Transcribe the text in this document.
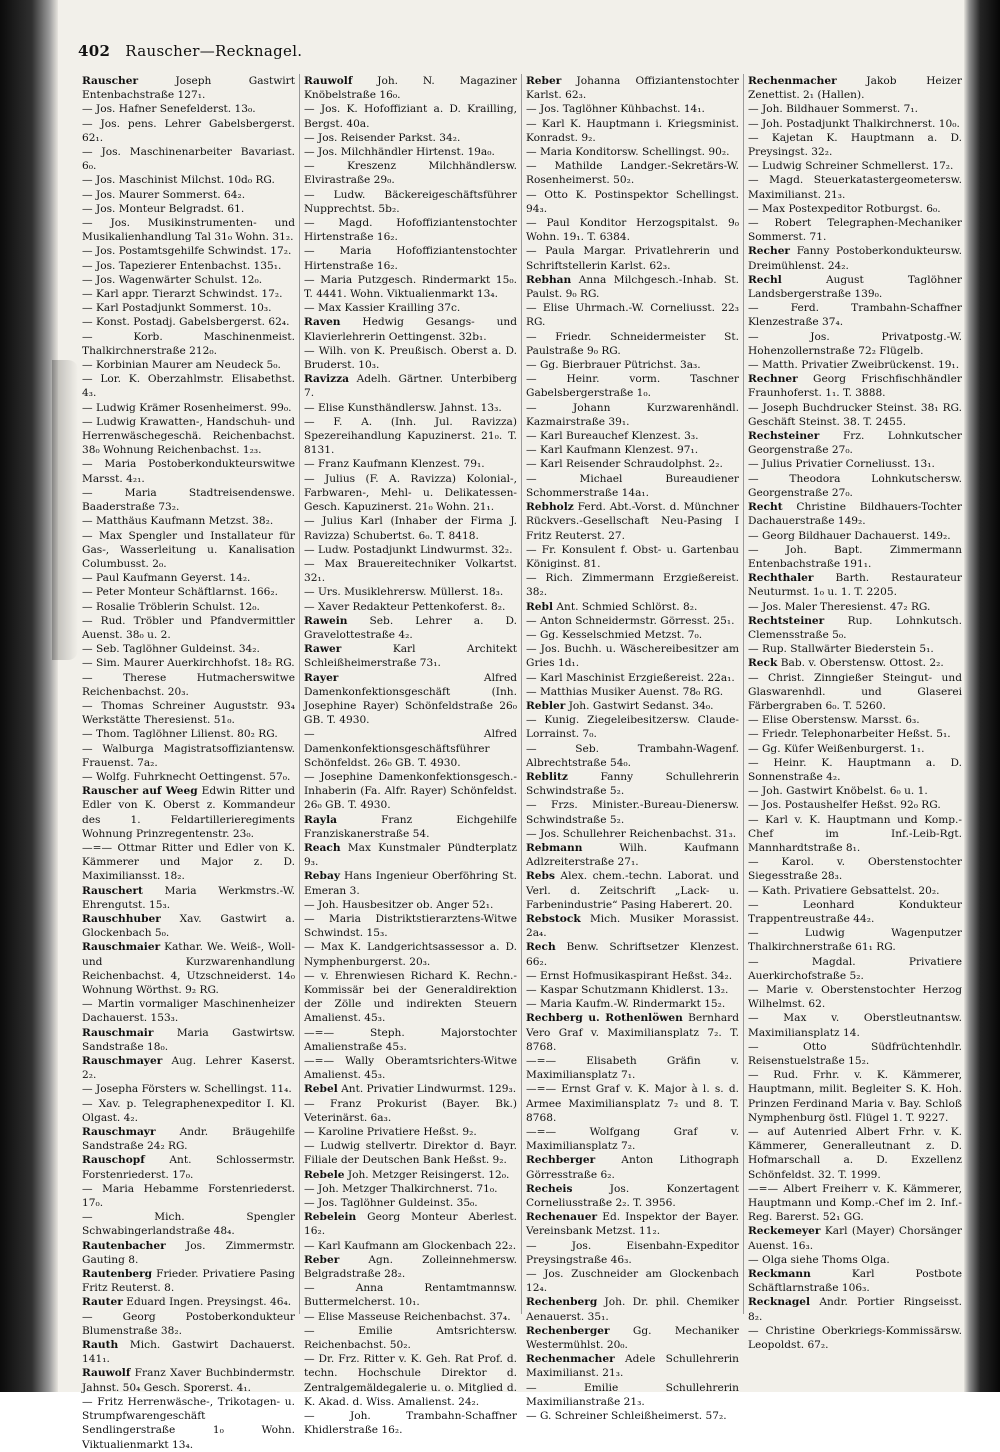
402 Rauscher—Recknagel.

Rauscher	Joseph Gastwirt Entenbachstraße 127₁.

— Jos. Hafner Senefelderst. 13₀.

— Jos. pens. Lehrer Gabelsbergerst. 62₁.

— Jos. Maschinenarbeiter Bavariast. 6₀.

— Jos. Maschinist Milchst. 10d₀ RG.

— Jos. Maurer Sommerst. 64₂.

— Jos. Monteur Belgradst. 61.

— Jos. Musikinstrumenten- und Musikalienhandlung Tal 31₀ Wohn. 31₂.

— Jos. Postamtsgehilfe Schwindst. 17₂.

— Jos. Tapezierer Entenbachst. 135₁.

— Jos. Wagenwärter Schulst. 12₀.

— Karl appr. Tierarzt Schwindst. 17₂.

— Karl Postadjunkt Sommerst. 10₃.

— Konst. Postadj. Gabelsbergerst. 62₄.

— Korb. Maschinenmeist. Thalkirchnerstraße 212₀.

— Korbinian Maurer am Neudeck 5₀.

— Lor. K. Oberzahlmstr. Elisabethst. 4₃.

— Ludwig Krämer Rosenheimerst. 99₀.

— Ludwig Krawatten-, Handschuh- und Herrenwäschegeschä. Reichenbachst. 38₀ Wohnung Reichenbachst. 1₂₃.

— Maria Postoberkondukteurswitwe Marsst. 4₂₁.

— Maria Stadtreisendenswe. Baaderstraße 73₂.

— Matthäus Kaufmann Metzst. 38₂.

— Max Spengler und Installateur für Gas-, Wasserleitung u. Kanalisation Columbusst. 2₀.

— Paul Kaufmann Geyerst. 14₂.

— Peter Monteur Schäftlarnst. 166₂.

— Rosalie Tröblerin Schulst. 12₀.

— Rud. Tröbler und Pfandvermittler Auenst. 38₀ u. 2.

— Seb. Taglöhner Guldeinst. 34₂.

— Sim. Maurer Auerkirchhofst. 18₂ RG.

— Therese Hutmacherswitwe Reichenbachst. 20₃.

— Thomas Schreiner Auguststr. 93₄ Werkstätte Theresienst. 51₀.

— Thom. Taglöhner Lilienst. 80₂ RG.

— Walburga Magistratsoffiziantensw. Frauenst. 7a₂.

— Wolfg. Fuhrknecht Oettingenst. 57₀.

Rauscher auf Weeg Edwin Ritter und Edler von K. Oberst z. Kommandeur des 1. Feldartillerieregiments Wohnung Prinzregentenstr. 23₀.

—=— Ottmar Ritter und Edler von K. Kämmerer und Major z. D. Maximiliansst. 18₂.

Rauschert Maria Werkmstrs.-W. Ehrengutst. 15₃.

Rauschhuber Xav. Gastwirt a. Glockenbach 5₀.

Rauschmaier Kathar. We. Weiß-, Woll- und Kurzwarenhandlung Reichenbachst. 4, Utzschneiderst. 14₀ Wohnung Wörthst. 9₂ RG.

— Martin vormaliger Maschinenheizer Dachauerst. 153₃.

Rauschmair Maria Gastwirtsw. Sandstraße 18₀.

Rauschmayer Aug. Lehrer Kaserst. 2₂.

— Josepha Försters w. Schellingst. 11₄.

— Xav. p. Telegraphenexpeditor I. Kl. Olgast. 4₂.

Rauschmayr Andr. Bräugehilfe Sandstraße 24₂ RG.

Rauschopf Ant. Schlossermstr. Forstenriederst. 17₀.

— Maria Hebamme Forstenriederst. 17₀.

— Mich. Spengler Schwabingerlandstraße 48₄.

Rautenbacher Jos. Zimmermstr. Gauting 8.

Rautenberg Frieder. Privatiere Pasing Fritz Reuterst. 8.

Rauter Eduard Ingen. Preysingst. 46₄.

— Georg Postoberkondukteur Blumenstraße 38₂.

Rauth Mich. Gastwirt Dachauerst. 141₁.

Rauwolf Franz Xaver Buchbindermstr. Jahnst. 50₄ Gesch. Sporerst. 4₁.

— Fritz Herrenwäsche-, Trikotagen- u. Strumpfwarengeschäft Sendlingerstraße 1₀ Wohn. Viktualienmarkt 13₄.

Rauwolf Joh. N. Magaziner Knöbelstraße 16₀.

— Jos. K. Hofoffiziant a. D. Krailling, Bergst. 40a.

— Jos. Reisender Parkst. 34₂.

— Jos. Milchhändler Hirtenst. 19a₀.

— Kreszenz Milchhändlersw. Elvirastraße 29₀.

— Ludw. Bäckereigeschäftsführer Nupprechtst. 5b₂.

— Magd. Hofoffiziantenstochter Hirtenstraße 16₂.

— Maria Hofoffiziantenstochter Hirtenstraße 16₂.

— Maria Putzgesch. Rindermarkt 15₀. T. 4441. Wohn. Viktualienmarkt 13₄.

— Max Kassier Krailling 37c.

Raven Hedwig Gesangs- und Klavierlehrerin Oettingenst. 32b₁.

— Wilh. von K. Preußisch. Oberst a. D. Bruderst. 10₃.

Ravizza Adelh. Gärtner. Unterbiberg 7.

— Elise Kunsthändlersw. Jahnst. 13₃.

— F. A. (Inh. Jul. Ravizza) Spezereihandlung Kapuzinerst. 21₀. T. 8131.

— Franz Kaufmann Klenzest. 79₁.

— Julius (F. A. Ravizza) Kolonial-, Farbwaren-, Mehl- u. Delikatessen-Gesch. Kapuzinerst. 21₀ Wohn. 21₁.

— Julius Karl (Inhaber der Firma J. Ravizza) Schubertst. 6₀. T. 8418.

— Ludw. Postadjunkt Lindwurmst. 32₂.

— Max Brauereitechniker Volkartst. 32₁.

— Urs. Musiklehrersw. Müllerst. 18₃.

— Xaver Redakteur Pettenkoferst. 8₂.

Rawein Seb. Lehrer a. D. Gravelottestraße 4₂.

Rawer	Karl Architekt Schleißheimerstraße 73₁.

Rayer	Alfred Damenkonfektionsgeschäft (Inh. Josephine Rayer) Schönfeldstraße 26₀ GB. T. 4930.

— Alfred Damenkonfektionsgeschäftsführer Schönfeldst. 26₀ GB. T. 4930.

— Josephine Damenkonfektionsgesch.-Inhaberin (Fa. Alfr. Rayer) Schönfeldst. 26₀ GB. T. 4930.

Rayla	Franz Eichgehilfe Franziskanerstraße 54.

Reach Max Kunstmaler Pündterplatz 9₃.

Rebay Hans Ingenieur Oberföhring St. Emeran 3.

— Joh. Hausbesitzer ob. Anger 52₁.

— Maria Distriktstierarztens-Witwe Schwindst. 15₃.

— Max K. Landgerichtsassessor a. D. Nymphenburgerst. 20₃.

— v. Ehrenwiesen Richard K. Rechn.-Kommissär bei der Generaldirektion der Zölle und indirekten Steuern Amalienst. 45₃.

—=— Steph. Majorstochter Amalienstraße 45₃.

—=— Wally Oberamtsrichters-Witwe Amalienst. 45₃.

Rebel Ant. Privatier Lindwurmst. 129₃.

— Franz Prokurist (Bayer. Bk.) Veterinärst. 6a₃.

— Karoline Privatiere Heßst. 9₂.

— Ludwig stellvertr. Direktor d. Bayr. Filiale der Deutschen Bank Heßst. 9₂.

Rebele Joh. Metzger Reisingerst. 12₀.

— Joh. Metzger Thalkirchnerst. 71₀.

— Jos. Taglöhner Guldeinst. 35₀.

Rebelein Georg Monteur Aberlest. 16₂.

— Karl Kaufmann am Glockenbach 22₂.

Reber	Agn. Zolleinnehmersw. Belgradstraße 28₂.

— Anna Rentamtmannsw. Buttermelcherst. 10₁.

— Elise Masseuse Reichenbachst. 37₄.

— Emilie Amtsrichtersw. Reichenbachst. 50₂.

— Dr. Frz. Ritter v. K. Geh. Rat Prof. d. techn. Hochschule Direktor d. Zentralgemäldegalerie u. o. Mitglied d. K. Akad. d. Wiss. Amalienst. 24₂.

— Joh. Trambahn-Schaffner Khidlerstraße 16₂.

Reber Johanna Offiziantenstochter Karlst. 62₃.

— Jos. Taglöhner Kühbachst. 14₁.

— Karl K. Hauptmann i. Kriegsminist. Konradst. 9₂.

— Maria Konditorsw. Schellingst. 90₂.

— Mathilde Landger.-Sekretärs-W. Rosenheimerst. 50₂.

— Otto K. Postinspektor Schellingst. 94₃.

— Paul Konditor Herzogspitalst. 9₀ Wohn. 19₁. T. 6384.

— Paula Margar. Privatlehrerin und Schriftstellerin Karlst. 62₃.

Rebhan Anna Milchgesch.-Inhab. St. Paulst. 9₀ RG.

— Elise Uhrmach.-W. Corneliusst. 22₃ RG.

— Friedr. Schneidermeister St. Paulstraße 9₀ RG.

— Gg. Bierbrauer Pütrichst. 3a₃.

— Heinr. vorm. Taschner Gabelsbergerstraße 1₀.

— Johann Kurzwarenhändl. Kazmairstraße 39₁.

— Karl Bureauchef Klenzest. 3₃.

— Karl Kaufmann Klenzest. 97₁.

— Karl Reisender Schraudolphst. 2₂.

— Michael Bureaudiener Schommerstraße 14a₁.

Rebholz Ferd. Abt.-Vorst. d. Münchner Rückvers.-Gesellschaft Neu-Pasing I Fritz Reuterst. 27.

— Fr. Konsulent f. Obst- u. Gartenbau Königinst. 81.

— Rich. Zimmermann Erzgießereist. 38₂.

Rebl Ant. Schmied Schlörst. 8₂.

— Anton Schneidermstr. Görresst. 25₁.

— Gg. Kesselschmied Metzst. 7₀.

— Jos. Buchh. u. Wäschereibesitzer am Gries 1d₁.

— Karl Maschinist Erzgießereist. 22a₁.

— Matthias Musiker Auenst. 78₀ RG.

Rebler Joh. Gastwirt Sedanst. 34₀.

— Kunig. Ziegeleibesitzersw. Claude-Lorrainst. 7₀.

— Seb. Trambahn-Wagenf. Albrechtstraße 54₀.

Reblitz	Fanny Schullehrerin Schwindstraße 5₂.

— Frzs. Minister.-Bureau-Dienersw. Schwindstraße 5₂.

— Jos. Schullehrer Reichenbachst. 31₃.

Rebmann	Wilh. Kaufmann Adlzreiterstraße 27₁.

Rebs Alex. chem.-techn. Laborat. und Verl. d. Zeitschrift „Lack- u. Farbenindustrie“ Pasing Haberert. 20.

Rebstock Mich. Musiker Morassist. 2a₄.

Rech Benw. Schriftsetzer Klenzest. 66₂.

— Ernst Hofmusikaspirant Heßst. 34₂.

— Kaspar Schutzmann Khidlerst. 13₂.

— Maria Kaufm.-W. Rindermarkt 15₂.

Rechberg u. Rothenlöwen Bernhard Vero Graf v. Maximiliansplatz 7₂. T. 8768.

—=— Elisabeth Gräfin v. Maximiliansplatz 7₁.

—=— Ernst Graf v. K. Major à l. s. d. Armee Maximiliansplatz 7₂ und 8. T. 8768.

—=— Wolfgang Graf v. Maximiliansplatz 7₂.

Rechberger Anton Lithograph Görresstraße 6₂.

Recheis	Jos. Konzertagent Corneliusstraße 2₂. T. 3956.

Rechenauer Ed. Inspektor der Bayer. Vereinsbank Metzst. 11₂.

— Jos. Eisenbahn-Expeditor Preysingstraße 46₃.

— Jos. Zuschneider am Glockenbach 12₄.

Rechenberg Joh. Dr. phil. Chemiker Aenauerst. 35₁.

Rechenberger Gg. Mechaniker Westermühlst. 20₀.

Rechenmacher Adele Schullehrerin Maximilianst. 21₃.

— Emilie Schullehrerin Maximilianstraße 21₃.

— G. Schreiner Schleißheimerst. 57₂.

Rechenmacher	Jakob Heizer Zenettist. 2₁ (Hallen).

— Joh. Bildhauer Sommerst. 7₁.

— Joh. Postadjunkt Thalkirchnerst. 10₀.

— Kajetan K. Hauptmann a. D. Preysingst. 32₂.

— Ludwig Schreiner Schmellerst. 17₂.

— Magd. Steuerkatastergeometersw. Maximilianst. 21₃.

— Max Postexpeditor Rotburgst. 6₀.

— Robert Telegraphen-Mechaniker Sommerst. 71.

Recher Fanny Postoberkondukteursw. Dreimühlenst. 24₂.

Rechl	August Taglöhner Landsbergerstraße 139₀.

— Ferd. Trambahn-Schaffner Klenzestraße 37₄.

— Jos. Privatpostg.-W. Hohenzollernstraße 72₂ Flügelb.

— Matth. Privatier Zweibrückenst. 19₁.

Rechner Georg Frischfischhändler Fraunhoferst. 1₁. T. 3888.

— Joseph Buchdrucker Steinst. 38₁ RG. Geschäft Steinst. 38. T. 2455.

Rechsteiner Frz. Lohnkutscher Georgenstraße 27₀.

— Julius Privatier Corneliusst. 13₁.

— Theodora Lohnkutschersw. Georgenstraße 27₀.

Recht Christine Bildhauers-Tochter Dachauerstraße 149₂.

— Georg Bildhauer Dachauerst. 149₂.

— Joh. Bapt. Zimmermann Entenbachstraße 191₁.

Rechthaler Barth. Restaurateur Neuturmst. 1₀ u. 1. T. 2205.

— Jos. Maler Theresienst. 47₂ RG.

Rechtsteiner Rup. Lohnkutsch. Clemensstraße 5₀.

— Rup. Stallwärter Biederstein 5₁.

Reck Bab. v. Oberstensw. Ottost. 2₂.

— Christ. Zinngießer Steingut- und Glaswarenhdl. und Glaserei Färbergraben 6₀. T. 5260.

— Elise Oberstensw. Marsst. 6₃.

— Friedr. Telephonarbeiter Heßst. 5₁.

— Gg. Küfer Weißenburgerst. 1₁.

— Heinr. K. Hauptmann a. D. Sonnenstraße 4₂.

— Joh. Gastwirt Knöbelst. 6₀ u. 1.

— Jos. Postaushelfer Heßst. 92₀ RG.

— Karl v. K. Hauptmann und Komp.-Chef im Inf.-Leib-Rgt. Mannhardtstraße 8₁.

— Karol. v. Oberstenstochter Siegesstraße 28₃.

— Kath. Privatiere Gebsattelst. 20₂.

— Leonhard Kondukteur Trappentreustraße 44₂.

— Ludwig Wagenputzer Thalkirchnerstraße 61₁ RG.

— Magdal. Privatiere Auerkirchofstraße 5₂.

— Marie v. Oberstenstochter Herzog Wilhelmst. 62.

— Max v. Oberstleutnantsw. Maximiliansplatz 14.

— Otto Südfrüchtenhdlr. Reisenstuelstraße 15₂.

— Rud. Frhr. v. K. Kämmerer, Hauptmann, milit. Begleiter S. K. Hoh. Prinzen Ferdinand Maria v. Bay. Schloß Nymphenburg östl. Flügel 1. T. 9227.

— auf Autenried Albert Frhr. v. K. Kämmerer, Generalleutnant z. D. Hofmarschall a. D. Exzellenz Schönfeldst. 32. T. 1999.

—=— Albert Freiherr v. K. Kämmerer, Hauptmann und Komp.-Chef im 2. Inf.-Reg. Barerst. 52₁ GG.

Reckemeyer Karl (Mayer) Chorsänger Auenst. 16₃.

— Olga siehe Thoms Olga.

Reckmann	Karl Postbote Schäftlarnstraße 106₃.

Recknagel Andr. Portier Ringseisst. 8₂.

— Christine Oberkriegs-Kommissärsw. Leopoldst. 67₂.
